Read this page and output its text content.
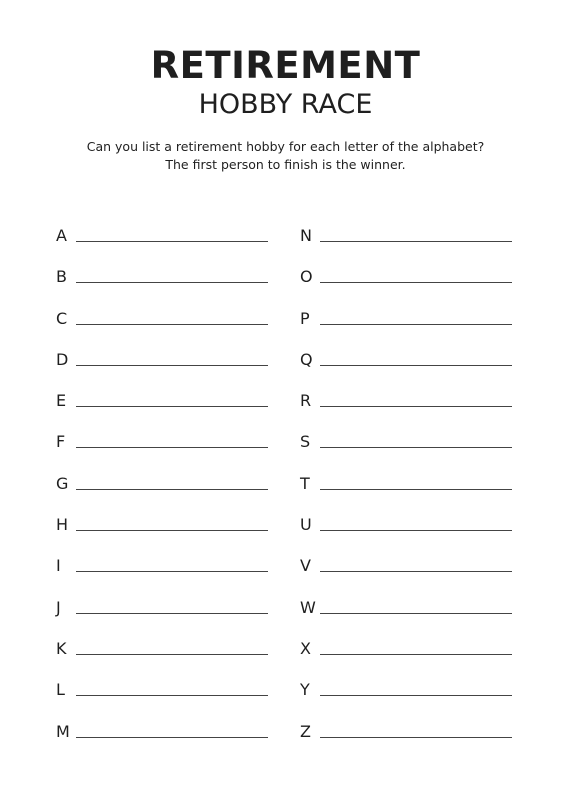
RETIREMENT
HOBBY RACE
Can you list a retirement hobby for each letter of the alphabet?
The first person to finish is the winner.
A
B
C
D
E
F
G
H
I
J
K
L
M
N
O
P
Q
R
S
T
U
V
W
X
Y
Z
